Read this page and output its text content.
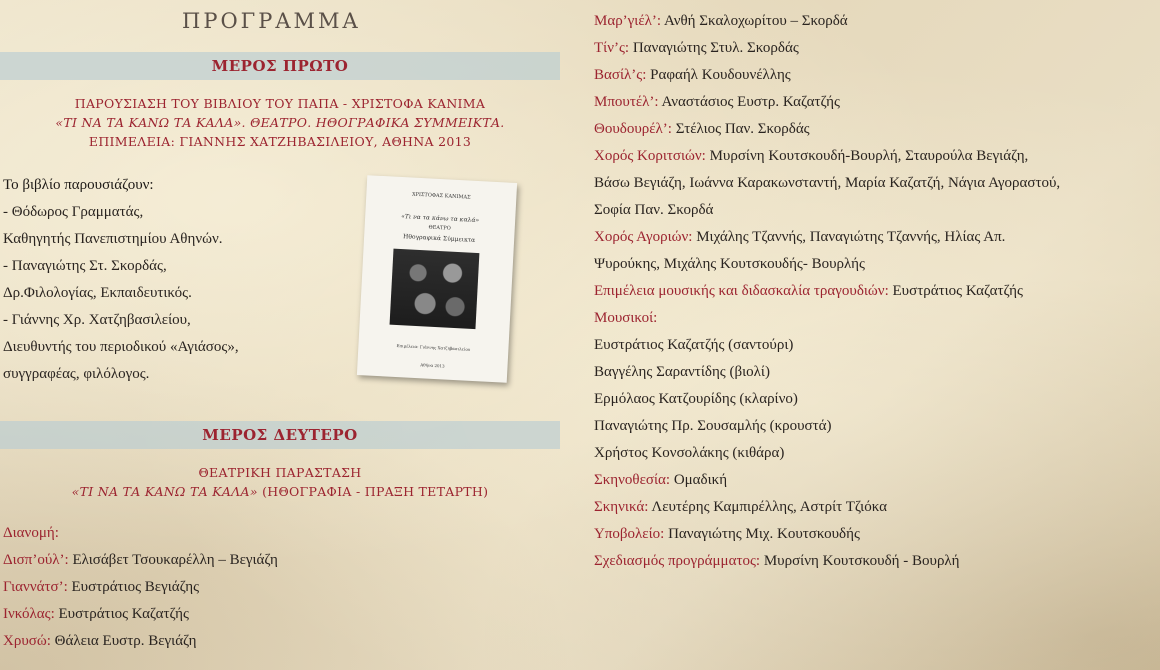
ΠΡΟΓΡΑΜΜΑ
ΜΕΡΟΣ ΠΡΩΤΟ
ΠΑΡΟΥΣΙΑΣΗ ΤΟΥ ΒΙΒΛΙΟΥ ΤΟΥ ΠΑΠΑ - ΧΡΙΣΤΟΦΑ ΚΑΝΙΜΑ
«ΤΙ ΝΑ ΤΑ ΚΑΝΩ ΤΑ ΚΑΛΑ». ΘΕΑΤΡΟ. ΗΘΟΓΡΑΦΙΚΑ ΣΥΜΜΕΙΚΤΑ.
ΕΠΙΜΕΛΕΙΑ: ΓΙΑΝΝΗΣ ΧΑΤΖΗΒΑΣΙΛΕΙΟΥ, ΑΘΗΝΑ 2013
Το βιβλίο παρουσιάζουν:
- Θόδωρος Γραμματάς,
Καθηγητής Πανεπιστημίου Αθηνών.
- Παναγιώτης Στ. Σκορδάς,
Δρ.Φιλολογίας, Εκπαιδευτικός.
- Γιάννης Χρ. Χατζηβασιλείου,
Διευθυντής του περιοδικού «Αγιάσος»,
συγγραφέας, φιλόλογος.
ΧΡΙΣΤΟΦΑΣ ΚΑΝΙΜΑΣ
«Τι να τα κάνω τα καλά»
ΘΕΑΤΡΟ
Ηθογραφικά Σύμμεικτα
Επιμέλεια: Γιάννης Χατζηβασιλείου
Αθήνα 2013
ΜΕΡΟΣ ΔΕΥΤΕΡΟ
ΘΕΑΤΡΙΚΗ ΠΑΡΑΣΤΑΣΗ
«ΤΙ ΝΑ ΤΑ ΚΑΝΩ ΤΑ ΚΑΛΑ» (ΗΘΟΓΡΑΦΙΑ - ΠΡΑΞΗ ΤΕΤΑΡΤΗ)
Διανομή:
Δισπ’ούλ’: Ελισάβετ Τσουκαρέλλη – Βεγιάζη
Γιαννάτσ’: Ευστράτιος Βεγιάζης
Ινκόλας: Ευστράτιος Καζατζής
Χρυσώ: Θάλεια Ευστρ. Βεγιάζη
Μαρ’γιέλ’: Ανθή Σκαλοχωρίτου – Σκορδά
Τίν’ς: Παναγιώτης Στυλ. Σκορδάς
Βασίλ’ς: Ραφαήλ Κουδουνέλλης
Μπουτέλ’: Αναστάσιος Ευστρ. Καζατζής
Θουδουρέλ’: Στέλιος Παν. Σκορδάς
Χορός Κοριτσιών: Μυρσίνη Κουτσκουδή-Βουρλή, Σταυρούλα Βεγιάζη,
Βάσω Βεγιάζη, Ιωάννα Καρακωνσταντή, Μαρία Καζατζή, Νάγια Αγοραστού,
Σοφία Παν. Σκορδά
Χορός Αγοριών: Μιχάλης Τζαννής, Παναγιώτης Τζαννής, Ηλίας Απ.
Ψυρούκης, Μιχάλης Κουτσκουδής- Βουρλής
Επιμέλεια μουσικής και διδασκαλία τραγουδιών: Ευστράτιος Καζατζής
Μουσικοί:
Ευστράτιος Καζατζής (σαντούρι)
Βαγγέλης Σαραντίδης (βιολί)
Ερμόλαος Κατζουρίδης (κλαρίνο)
Παναγιώτης Πρ. Σουσαμλής (κρουστά)
Χρήστος Κονσολάκης (κιθάρα)
Σκηνοθεσία: Ομαδική
Σκηνικά: Λευτέρης Καμπιρέλλης, Αστρίτ Τζιόκα
Υποβολείο: Παναγιώτης Μιχ. Κουτσκουδής
Σχεδιασμός προγράμματος: Μυρσίνη Κουτσκουδή - Βουρλή
